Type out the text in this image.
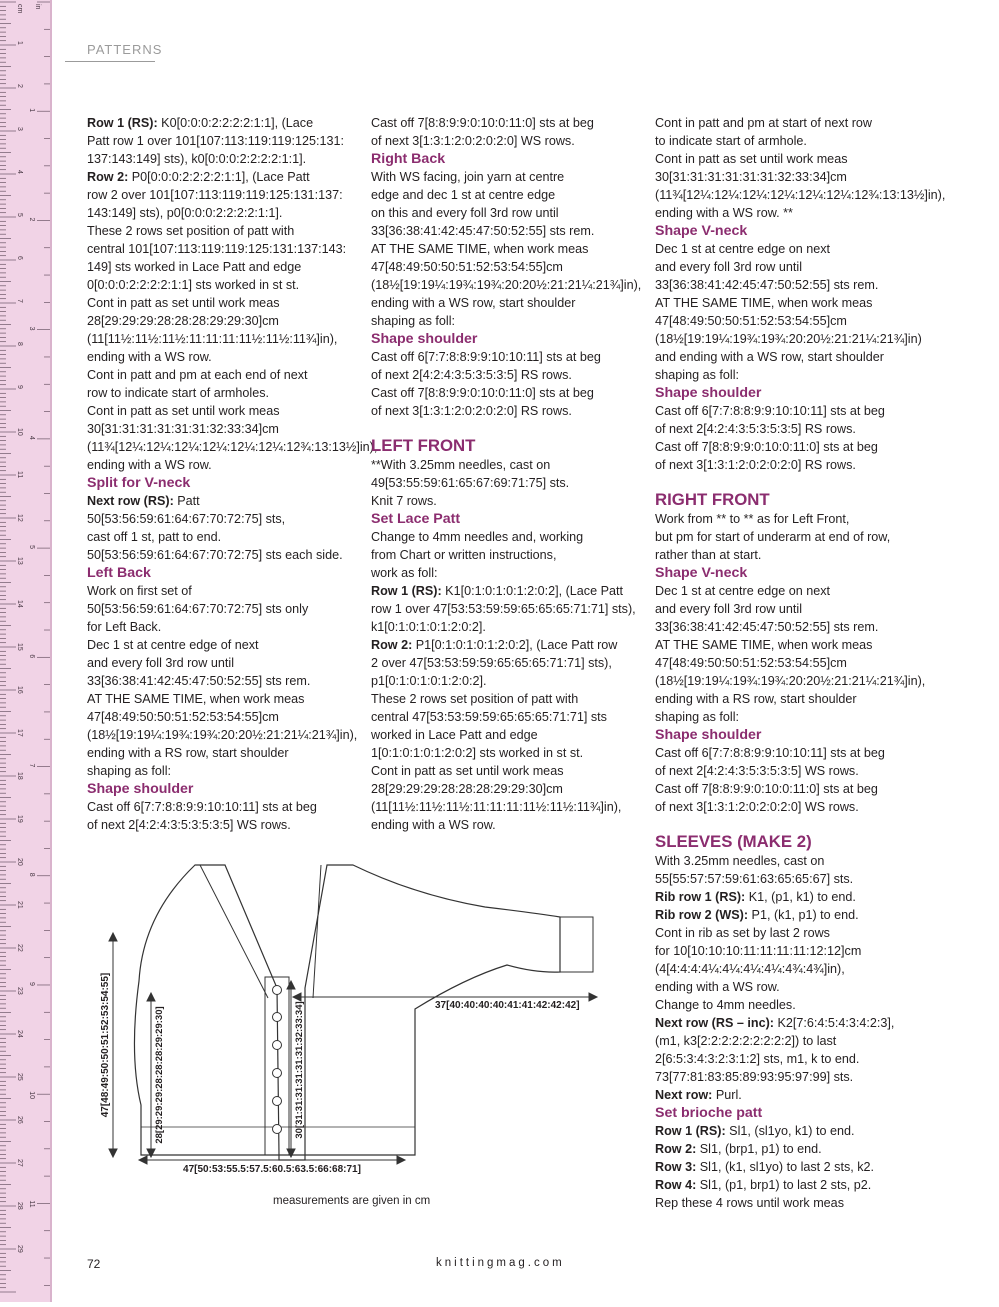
cm in
1
2
3
4
5
6
7
8
9
10
11
12
13
14
15
16
17
18
19
20
21
22
23
24
25
26
27
28
29
1
2
3
4
5
6
7
8
9
10
11
PATTERNS

Row 1 (RS): K0[0:0:0:2:2:2:2:1:1], (Lace
Patt row 1 over 101[107:113:119:119:125:131:
137:143:149] sts), k0[0:0:0:2:2:2:2:1:1].

Row 2: P0[0:0:0:2:2:2:2:1:1], (Lace Patt
row 2 over 101[107:113:119:119:125:131:137:
143:149] sts), p0[0:0:0:2:2:2:2:1:1].

These 2 rows set position of patt with
central 101[107:113:119:119:125:131:137:143:
149] sts worked in Lace Patt and edge
0[0:0:0:2:2:2:2:1:1] sts worked in st st.

Cont in patt as set until work meas
28[29:29:29:28:28:28:29:29:30]cm
(11[11½:11½:11½:11:11:11:11½:11½:11¾]in),
ending with a WS row.

Cont in patt and pm at each end of next
row to indicate start of armholes.

Cont in patt as set until work meas
30[31:31:31:31:31:31:32:33:34]cm
(11¾[12¼:12¼:12¼:12¼:12¼:12¼:12¾:13:13½]in),
ending with a WS row.

Split for V-neck

Next row (RS): Patt
50[53:56:59:61:64:67:70:72:75] sts,
cast off 1 st, patt to end.
50[53:56:59:61:64:67:70:72:75] sts each side.

Left Back

Work on first set of
50[53:56:59:61:64:67:70:72:75] sts only
for Left Back.

Dec 1 st at centre edge of next
and every foll 3rd row until
33[36:38:41:42:45:47:50:52:55] sts rem.

AT THE SAME TIME, when work meas
47[48:49:50:50:51:52:53:54:55]cm
(18½[19:19¼:19¾:19¾:20:20½:21:21¼:21¾]in),
ending with a RS row, start shoulder
shaping as foll:

Shape shoulder

Cast off 6[7:7:8:8:9:9:10:10:11] sts at beg
of next 2[4:2:4:3:5:3:5:3:5] WS rows.

Cast off 7[8:8:9:9:0:10:0:11:0] sts at beg
of next 3[1:3:1:2:0:2:0:2:0] WS rows.

Right Back

With WS facing, join yarn at centre
edge and dec 1 st at centre edge
on this and every foll 3rd row until
33[36:38:41:42:45:47:50:52:55] sts rem.

AT THE SAME TIME, when work meas
47[48:49:50:50:51:52:53:54:55]cm
(18½[19:19¼:19¾:19¾:20:20½:21:21¼:21¾]in),
ending with a WS row, start shoulder
shaping as foll:

Shape shoulder

Cast off 6[7:7:8:8:9:9:10:10:11] sts at beg
of next 2[4:2:4:3:5:3:5:3:5] RS rows.

Cast off 7[8:8:9:9:0:10:0:11:0] sts at beg
of next 3[1:3:1:2:0:2:0:2:0] RS rows.

LEFT FRONT

**With 3.25mm needles, cast on
49[53:55:59:61:65:67:69:71:75] sts.

Knit 7 rows.

Set Lace Patt

Change to 4mm needles and, working
from Chart or written instructions,
work as foll:

Row 1 (RS): K1[0:1:0:1:0:1:2:0:2], (Lace Patt
row 1 over 47[53:53:59:59:65:65:65:71:71] sts),
k1[0:1:0:1:0:1:2:0:2].

Row 2: P1[0:1:0:1:0:1:2:0:2], (Lace Patt row
2 over 47[53:53:59:59:65:65:65:71:71] sts),
p1[0:1:0:1:0:1:2:0:2].

These 2 rows set position of patt with
central 47[53:53:59:59:65:65:65:71:71] sts
worked in Lace Patt and edge
1[0:1:0:1:0:1:2:0:2] sts worked in st st.

Cont in patt as set until work meas
28[29:29:29:28:28:28:29:29:30]cm
(11[11½:11½:11½:11:11:11:11½:11½:11¾]in),
ending with a WS row.

Cont in patt and pm at start of next row
to indicate start of armhole.

Cont in patt as set until work meas
30[31:31:31:31:31:31:32:33:34]cm
(11¾[12¼:12¼:12¼:12¼:12¼:12¼:12¾:13:13½]in),
ending with a WS row. **

Shape V-neck

Dec 1 st at centre edge on next
and every foll 3rd row until
33[36:38:41:42:45:47:50:52:55] sts rem.

AT THE SAME TIME, when work meas
47[48:49:50:50:51:52:53:54:55]cm
(18½[19:19¼:19¾:19¾:20:20½:21:21¼:21¾]in)
and ending with a WS row, start shoulder
shaping as foll:

Shape shoulder

Cast off 6[7:7:8:8:9:9:10:10:11] sts at beg
of next 2[4:2:4:3:5:3:5:3:5] RS rows.

Cast off 7[8:8:9:9:0:10:0:11:0] sts at beg
of next 3[1:3:1:2:0:2:0:2:0] RS rows.

RIGHT FRONT

Work from ** to ** as for Left Front,
but pm for start of underarm at end of row,
rather than at start.

Shape V-neck

Dec 1 st at centre edge on next
and every foll 3rd row until
33[36:38:41:42:45:47:50:52:55] sts rem.

AT THE SAME TIME, when work meas
47[48:49:50:50:51:52:53:54:55]cm
(18½[19:19¼:19¾:19¾:20:20½:21:21¼:21¾]in),
ending with a RS row, start shoulder
shaping as foll:

Shape shoulder

Cast off 6[7:7:8:8:9:9:10:10:11] sts at beg
of next 2[4:2:4:3:5:3:5:3:5] WS rows.

Cast off 7[8:8:9:9:0:10:0:11:0] sts at beg
of next 3[1:3:1:2:0:2:0:2:0] WS rows.

SLEEVES (MAKE 2)

With 3.25mm needles, cast on
55[55:57:57:59:61:63:65:65:67] sts.

Rib row 1 (RS): K1, (p1, k1) to end.

Rib row 2 (WS): P1, (k1, p1) to end.

Cont in rib as set by last 2 rows
for 10[10:10:10:11:11:11:11:12:12]cm
(4[4:4:4:4¼:4¼:4¼:4¼:4¾:4¾]in),
ending with a WS row.

Change to 4mm needles.

Next row (RS – inc): K2[7:6:4:5:4:3:4:2:3],
(m1, k3[2:2:2:2:2:2:2:2:2]) to last
2[6:5:3:4:3:2:3:1:2] sts, m1, k to end.
73[77:81:83:85:89:93:95:97:99] sts.

Next row: Purl.

Set brioche patt

Row 1 (RS): Sl1, (sl1yo, k1) to end.

Row 2: Sl1, (brp1, p1) to end.

Row 3: Sl1, (k1, sl1yo) to last 2 sts, k2.

Row 4: Sl1, (p1, brp1) to last 2 sts, p2.

Rep these 4 rows until work meas

47[48:49:50:50:51:52:53:54:55]	28[29:29:29:28:28:28:29:29:30]	30[31:31:31:31:31:31:32:33:34]	37[40:40:40:40:41:41:42:42:42]
47[50:53:55.5:57.5:60.5:63.5:66:68:71]
measurements are given in cm
72	knittingmag.com
